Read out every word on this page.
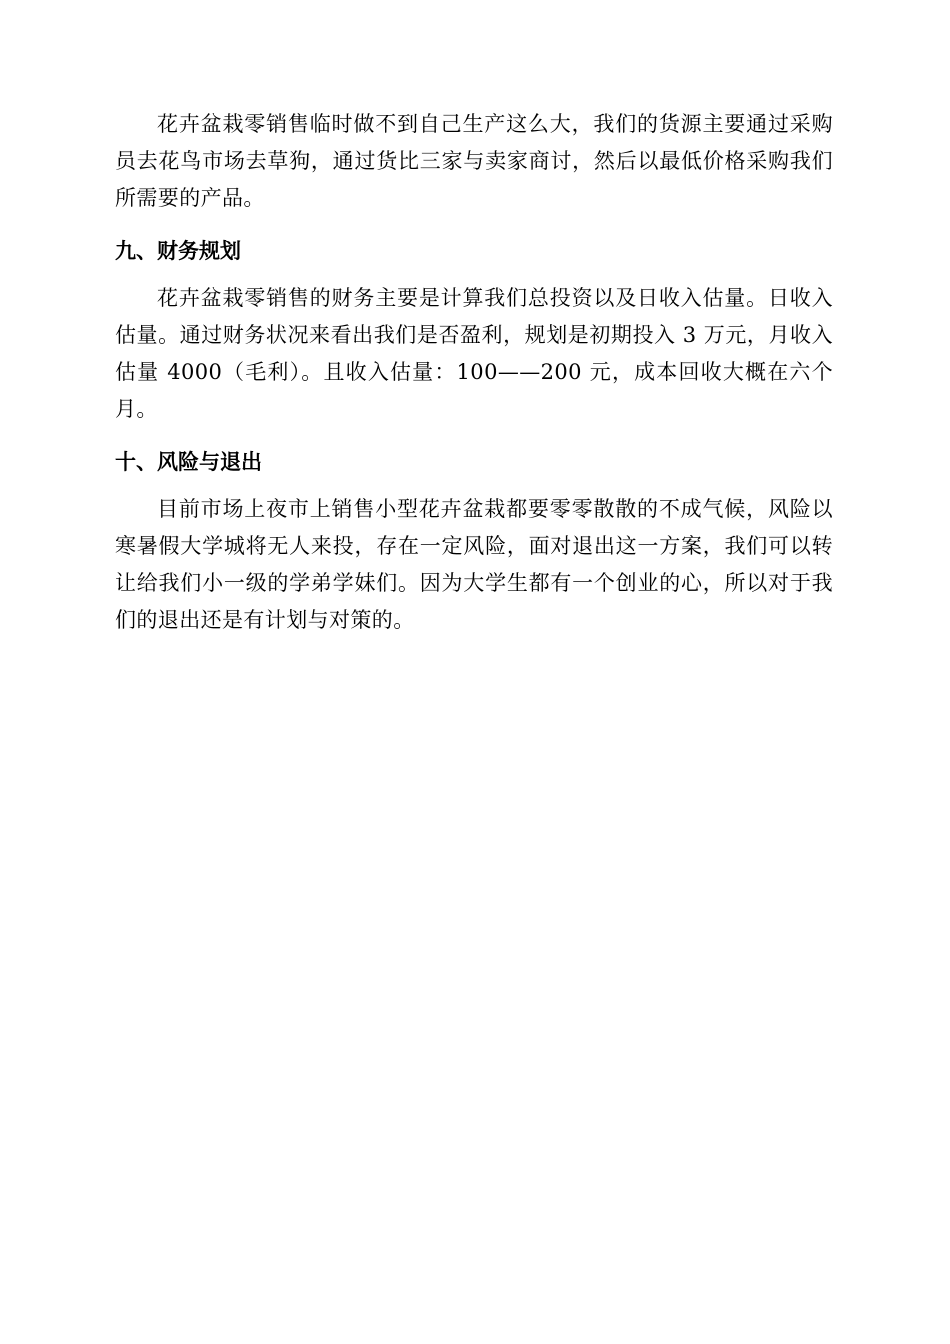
花卉盆栽零销售临时做不到自己生产这么大，我们的货源主要通过采购员去花鸟市场去草狗，通过货比三家与卖家商讨，然后以最低价格采购我们所需要的产品。

九、财务规划

花卉盆栽零销售的财务主要是计算我们总投资以及日收入估量。日收入估量。通过财务状况来看出我们是否盈利，规划是初期投入 3 万元，月收入估量 4000（毛利）。且收入估量：100——200 元，成本回收大概在六个月。

十、风险与退出

目前市场上夜市上销售小型花卉盆栽都要零零散散的不成气候，风险以寒暑假大学城将无人来投，存在一定风险，面对退出这一方案，我们可以转让给我们小一级的学弟学妹们。因为大学生都有一个创业的心，所以对于我们的退出还是有计划与对策的。
